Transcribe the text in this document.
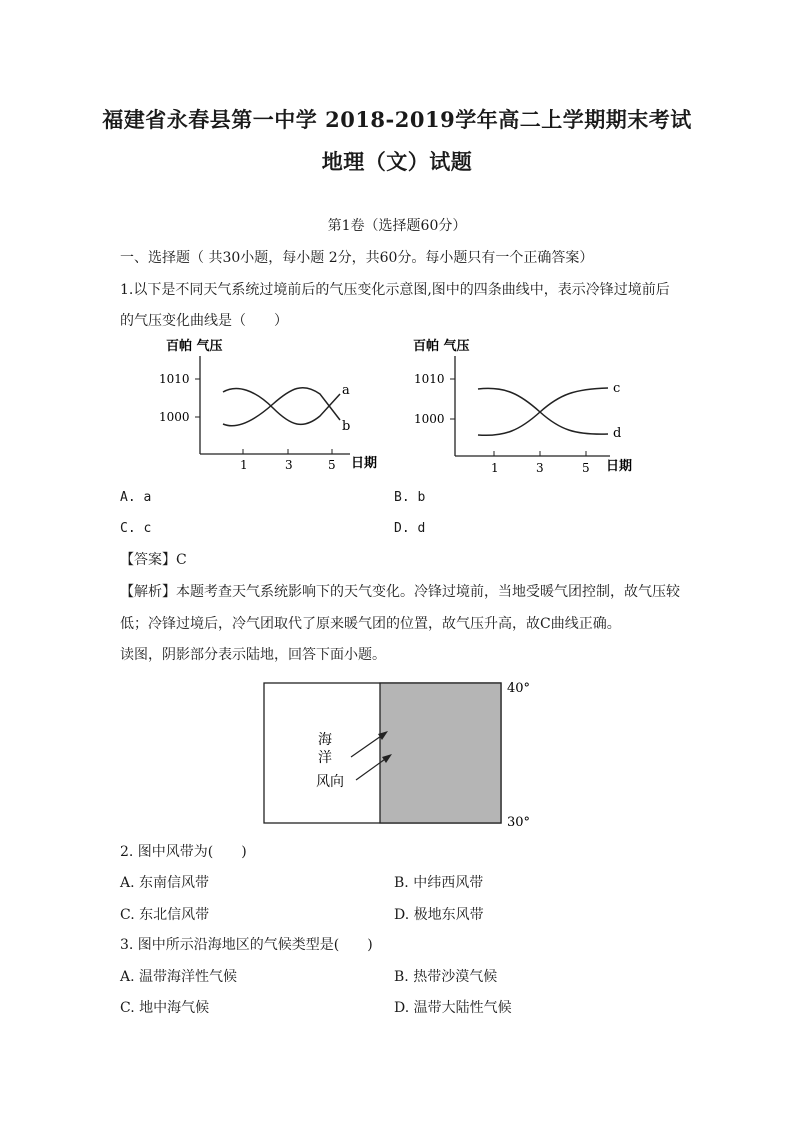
福建省永春县第一中学 2018-2019学年高二上学期期末考试
地理（文）试题
第1卷（选择题60分）
一、选择题（ 共30小题，每小题 2分，共60分。每小题只有一个正确答案）
1.以下是不同天气系统过境前后的气压变化示意图,图中的四条曲线中，表示冷锋过境前后
的气压变化曲线是（　　）
百帕 气压
1010
1000
1	3	5 日期
a
b
百帕 气压
1010
1000
1	3	5 日期
c
d
A. a	B. b
C. c	D. d
【答案】C
【解析】本题考查天气系统影响下的天气变化。冷锋过境前，当地受暖气团控制，故气压较
低；冷锋过境后，冷气团取代了原来暖气团的位置，故气压升高，故C曲线正确。
读图，阴影部分表示陆地，回答下面小题。
40°
30°
海
洋
风向
2. 图中风带为(　　)
A. 东南信风带	B. 中纬西风带
C. 东北信风带	D. 极地东风带
3. 图中所示沿海地区的气候类型是(　　)
A. 温带海洋性气候	B. 热带沙漠气候
C. 地中海气候	D. 温带大陆性气候
